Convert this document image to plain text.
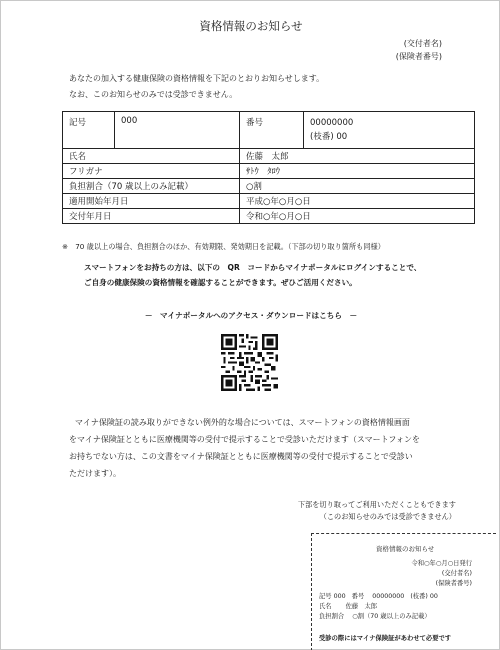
資格情報のお知らせ
(交付者名)
(保険者番号)
あなたの加入する健康保険の資格情報を下記のとおりお知らせします。
なお、このお知らせのみでは受診できません。
記号	000	番号	00000000
(枝番) 00

氏名		佐藤　太郎	
フリガナ		ｻﾄｳ　ﾀﾛｳ	
負担割合（70 歳以上のみ記載）		○割	
適用開始年月日		平成○年○月○日	
交付年月日		令和○年○月○日	
※　70 歳以上の場合、負担割合のほか、有効期限、発効期日を記載。（下部の切り取り箇所も同様）
スマートフォンをお持ちの方は、以下の　QR　コードからマイナポータルにログインすることで、
ご自身の健康保険の資格情報を確認することができます。ぜひご活用ください。
－　マイナポータルへのアクセス・ダウンロードはこちら　－
マイナ保険証の読み取りができない例外的な場合については、スマートフォンの資格情報画面
をマイナ保険証とともに医療機関等の受付で提示することで受診いただけます（スマートフォンを
お持ちでない方は、この文書をマイナ保険証とともに医療機関等の受付で提示することで受診い
ただけます）。
下部を切り取ってご利用いただくこともできます
（このお知らせのみでは受診できません）
資格情報のお知らせ
令和○年○月○日発行
(交付者名)
(保険者番号)
記号 000 番号 00000000 (枝番) 00
氏名 佐藤　太郎
負担割合 ○割（70 歳以上のみ記載）
受診の際にはマイナ保険証があわせて必要です
